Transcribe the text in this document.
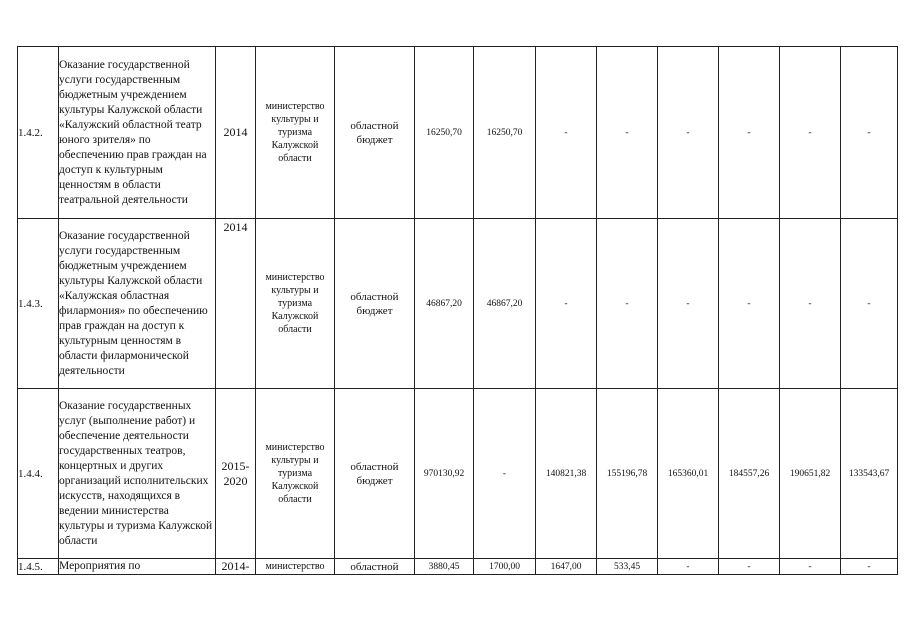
1.4.2.	Оказание государственной услуги государственным бюджетным учреждением культуры Калужской области «Калужский областной театр юного зрителя» по обеспечению прав граждан на доступ к культурным ценностям в области театральной деятельности	2014	министерство культуры и туризма Калужской области	областной бюджет	16250,70	16250,70	-	-	-	-	-	-
1.4.3.	Оказание государственной услуги государственным бюджетным учреждением культуры Калужской области «Калужская областная филармония» по обеспечению прав граждан на доступ к культурным ценностям в области филармонической деятельности	2014	министерство культуры и туризма Калужской области	областной бюджет	46867,20	46867,20	-	-	-	-	-	-
1.4.4.	Оказание государственных услуг (выполнение работ) и обеспечение деятельности государственных театров, концертных и других организаций исполнительских искусств, находящихся в ведении министерства культуры и туризма Калужской области	2015-2020	министерство культуры и туризма Калужской области	областной бюджет	970130,92	-	140821,38	155196,78	165360,01	184557,26	190651,82	133543,67
1.4.5.	Мероприятия по	2014-	министерство	областной	3880,45	1700,00	1647,00	533,45	-	-	-	-
